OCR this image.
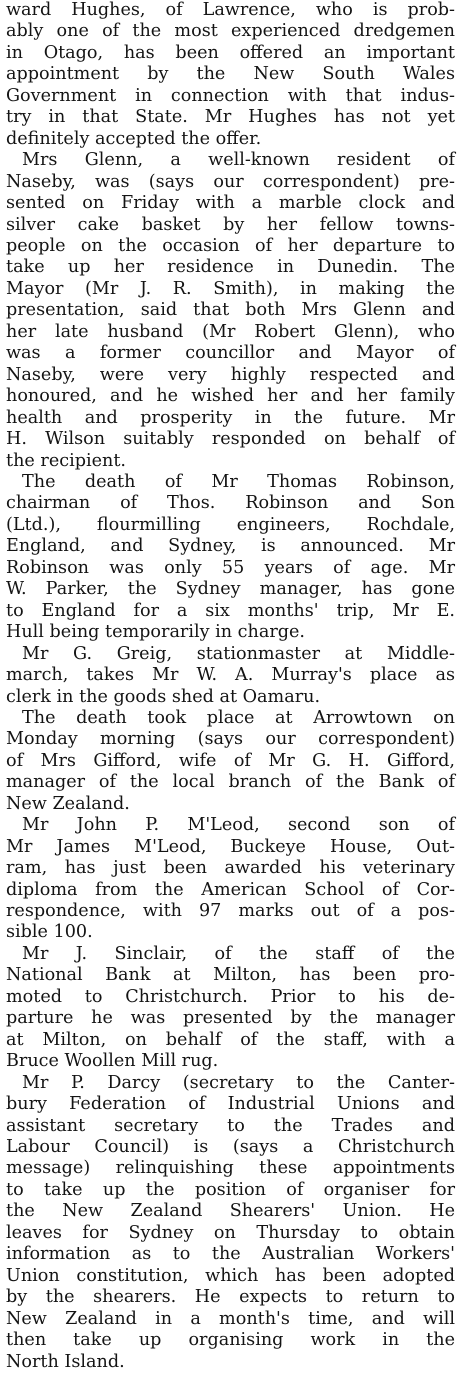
ward Hughes, of Lawrence, who is prob-
ably one of the most experienced dredgemen
in Otago, has been offered an important
appointment by the New South Wales
Government in connection with that indus-
try in that State. Mr Hughes has not yet
definitely accepted the offer.
Mrs Glenn, a well-known resident of
Naseby, was (says our correspondent) pre-
sented on Friday with a marble clock and
silver cake basket by her fellow towns-
people on the occasion of her departure to
take up her residence in Dunedin. The
Mayor (Mr J. R. Smith), in making the
presentation, said that both Mrs Glenn and
her late husband (Mr Robert Glenn), who
was a former councillor and Mayor of
Naseby, were very highly respected and
honoured, and he wished her and her family
health and prosperity in the future. Mr
H. Wilson suitably responded on behalf of
the recipient.
The death of Mr Thomas Robinson,
chairman of Thos. Robinson and Son
(Ltd.), flourmilling engineers, Rochdale,
England, and Sydney, is announced. Mr
Robinson was only 55 years of age. Mr
W. Parker, the Sydney manager, has gone
to England for a six months' trip, Mr E.
Hull being temporarily in charge.
Mr G. Greig, stationmaster at Middle-
march, takes Mr W. A. Murray's place as
clerk in the goods shed at Oamaru.
The death took place at Arrowtown on
Monday morning (says our correspondent)
of Mrs Gifford, wife of Mr G. H. Gifford,
manager of the local branch of the Bank of
New Zealand.
Mr John P. M'Leod, second son of
Mr James M'Leod, Buckeye House, Out-
ram, has just been awarded his veterinary
diploma from the American School of Cor-
respondence, with 97 marks out of a pos-
sible 100.
Mr J. Sinclair, of the staff of the
National Bank at Milton, has been pro-
moted to Christchurch. Prior to his de-
parture he was presented by the manager
at Milton, on behalf of the staff, with a
Bruce Woollen Mill rug.
Mr P. Darcy (secretary to the Canter-
bury Federation of Industrial Unions and
assistant secretary to the Trades and
Labour Council) is (says a Christchurch
message) relinquishing these appointments
to take up the position of organiser for
the New Zealand Shearers' Union. He
leaves for Sydney on Thursday to obtain
information as to the Australian Workers'
Union constitution, which has been adopted
by the shearers. He expects to return to
New Zealand in a month's time, and will
then take up organising work in the
North Island.
